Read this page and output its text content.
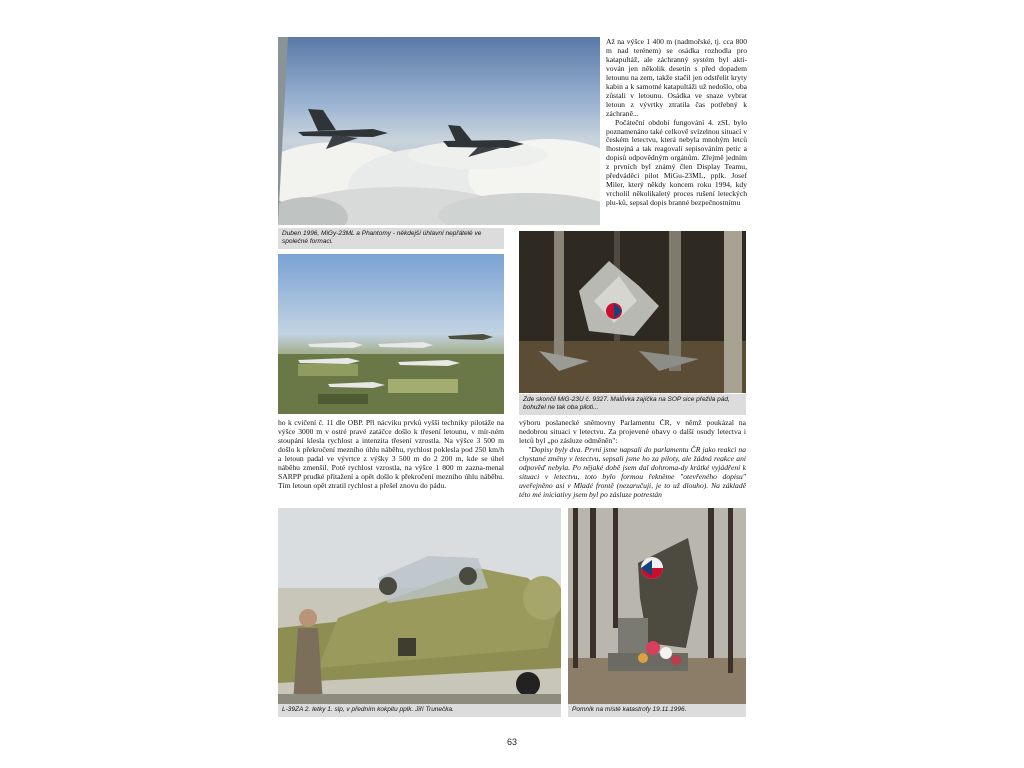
Duben 1996, MiGy-23ML a Phantomy - někdejší úhlavní nepřátelé ve společné formaci.

Až na výšce 1 400 m (nadmořské, tj. cca 800 m nad terénem) se osádka rozhodla pro katapultáž, ale záchranný systém byl akti-vován jen několik desetin s před dopadem letounu na zem, takže stačil jen odstřelit kryty kabin a k samotné katapultáži už nedošlo, oba zůstali v letounu. Osádka ve snaze vybrat letoun z vývrtky ztratila čas potřebný k záchraně...

Počáteční období fungování 4. zSL bylo poznamenáno také celkově svízelnou situací v českém letectvu, která nebyla mnohým letců lhostejná a tak reagovali sepisováním petic a dopisů odpovědným orgánům. Zřejmě jedním z prvních byl známý člen Display Teamu, předváděcí pilot MiGu-23ML, pplk. Josef Miler, který někdy koncem roku 1994, kdy vrcholil několikaletý proces rušení leteckých plu-ků, sepsal dopis branné bezpečnostnímu

Zde skončil MiG-23U č. 9327. Malůvka zajíčka na SOP sice přežila pád, bohužel ne tak oba piloti...

ho k cvičení č. 11 dle OBP. Při nácviku prvků vyšší techniky pilotáže na výšce 3000 m v ostré pravé zatáčce došlo k třesení letounu, v mír-ném stoupání klesla rychlost a intenzita třesení vzrostla. Na výšce 3 500 m došlo k překročení mezního úhlu náběhu, rychlost poklesla pod 250 km/h a letoun padal ve vývrtce z výšky 3 500 m do 2 200 m, kde se úhel náběhu zmenšil. Poté rychlost vzrostla, na výšce 1 800 m zazna-menal SARPP prudké přitažení a opět došlo k překročení mezního úhlu náběhu. Tím letoun opět ztratil rychlost a přešel znovu do pádu.

výboru poslanecké sněmovny Parlamentu ČR, v němž poukázal na nedobrou situaci v letectvu. Za projevené obavy o další osudy letectva i letců byl „po zásluze odměněn":

"Dopisy byly dva. První jsme napsali do parlamentu ČR jako reakci na chystané změny v letectvu, sepsali jsme ho za piloty, ale žádná reakce ani odpověď nebyla. Po nějaké době jsem dal dohroma-dy krátké vyjádření k situaci v letectvu, toto bylo formou řekněme "otevřeného dopisu" uveřejněno asi v Mladé frontě (nezaručuji, je to už dlouho). Na základě této mé iniciativy jsem byl po zásluze potrestán

L-39ZA 2. letky 1. slp, v předním kokpitu pplk. Jiří Trunečka.	Pomník na místě katastrofy 19.11.1996.
63
